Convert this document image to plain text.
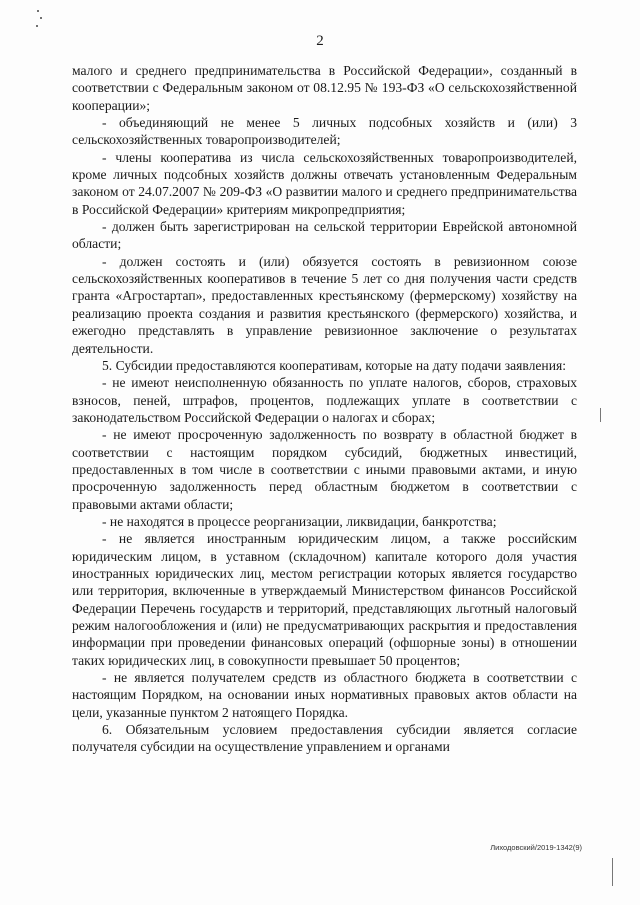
2

малого и среднего предпринимательства в Российской Федерации», созданный в соответствии с Федеральным законом от 08.12.95 № 193-ФЗ «О сельскохозяйственной кооперации»;

- объединяющий не менее 5 личных подсобных хозяйств и (или) 3 сельскохозяйственных товаропроизводителей;

- члены кооператива из числа сельскохозяйственных товаропроизводителей, кроме личных подсобных хозяйств должны отвечать установленным Федеральным законом от 24.07.2007 № 209-ФЗ «О развитии малого и среднего предпринимательства в Российской Федерации» критериям микропредприятия;

- должен быть зарегистрирован на сельской территории Еврейской автономной области;

- должен состоять и (или) обязуется состоять в ревизионном союзе сельскохозяйственных кооперативов в течение 5 лет со дня получения части средств гранта «Агростартап», предоставленных крестьянскому (фермерскому) хозяйству на реализацию проекта создания и развития крестьянского (фермерского) хозяйства, и ежегодно представлять в управление ревизионное заключение о результатах деятельности.

5. Субсидии предоставляются кооперативам, которые на дату подачи заявления:

- не имеют неисполненную обязанность по уплате налогов, сборов, страховых взносов, пеней, штрафов, процентов, подлежащих уплате в соответствии с законодательством Российской Федерации о налогах и сборах;

- не имеют просроченную задолженность по возврату в областной бюджет в соответствии с настоящим порядком субсидий, бюджетных инвестиций, предоставленных в том числе в соответствии с иными правовыми актами, и иную просроченную задолженность перед областным бюджетом в соответствии с правовыми актами области;

- не находятся в процессе реорганизации, ликвидации, банкротства;

- не является иностранным юридическим лицом, а также российским юридическим лицом, в уставном (складочном) капитале которого доля участия иностранных юридических лиц, местом регистрации которых является государство или территория, включенные в утверждаемый Министерством финансов Российской Федерации Перечень государств и территорий, представляющих льготный налоговый режим налогообложения и (или) не предусматривающих раскрытия и предоставления информации при проведении финансовых операций (офшорные зоны) в отношении таких юридических лиц, в совокупности превышает 50 процентов;

- не является получателем средств из областного бюджета в соответствии с настоящим Порядком, на основании иных нормативных правовых актов области на цели, указанные пунктом 2 натоящего Порядка.

6. Обязательным условием предоставления субсидии является согласие получателя субсидии на осуществление управлением и органами

Лиходовский/2019-1342(9)
